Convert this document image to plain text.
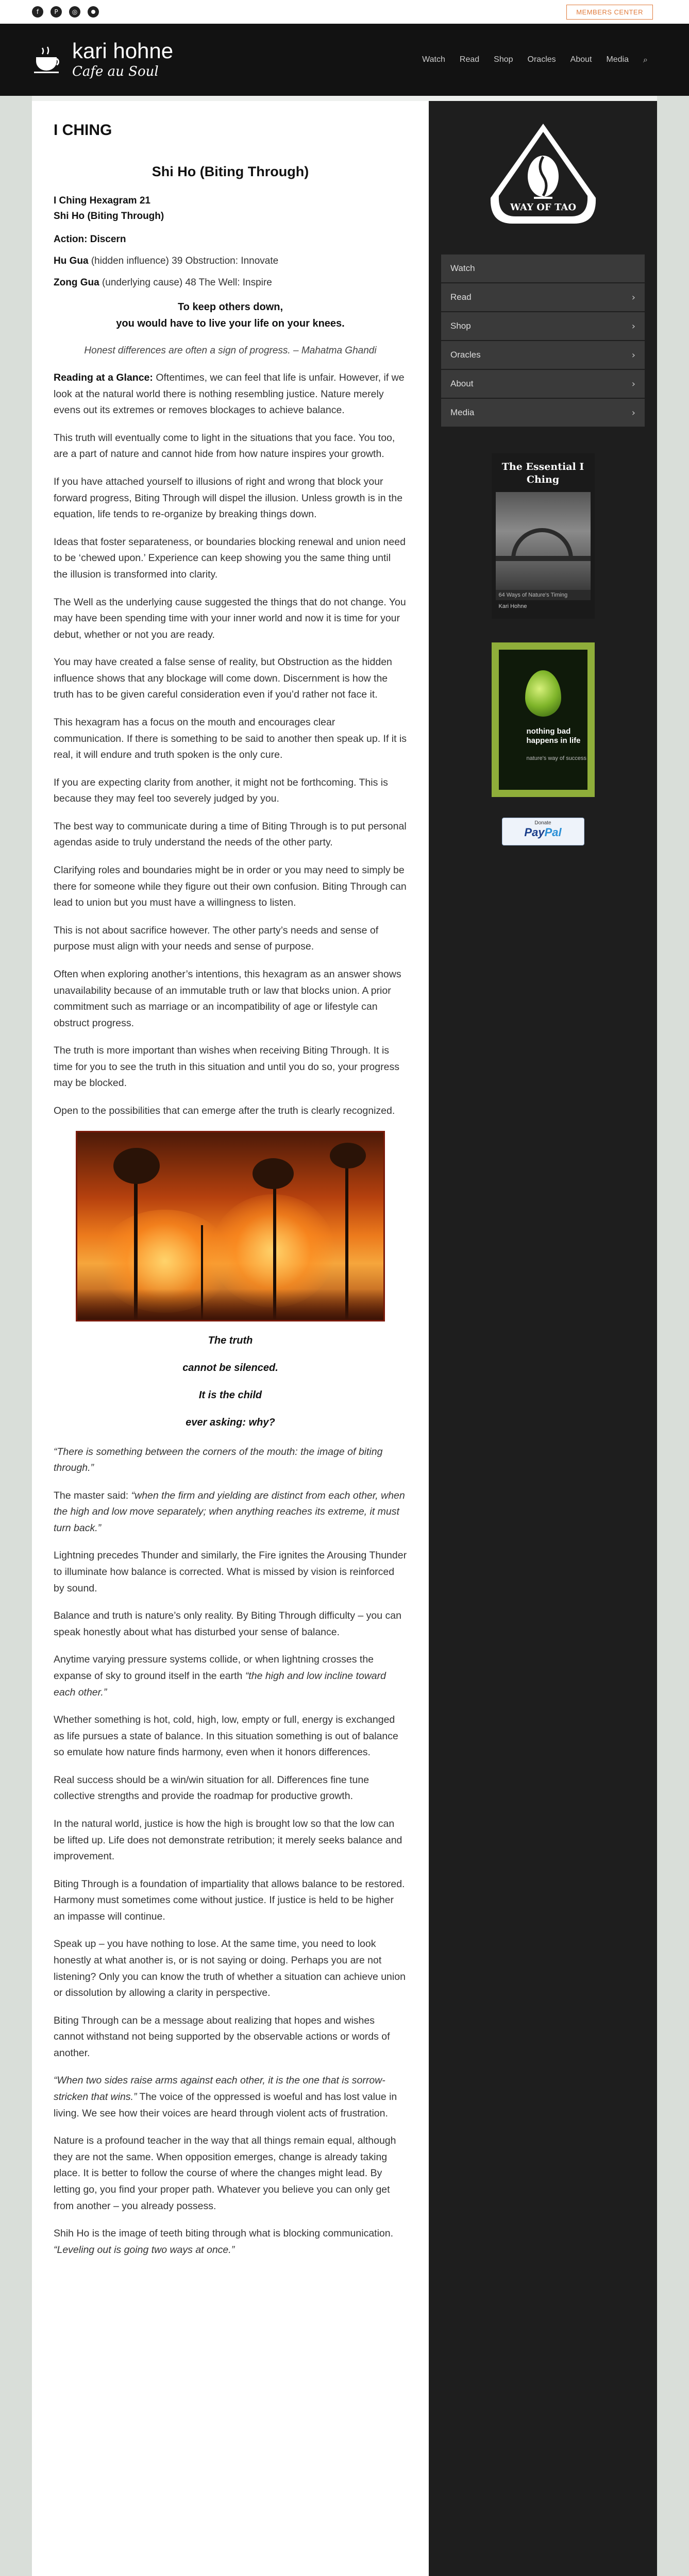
f	P	◎	MEMBERS CENTER
kari hohne
Cafe au Soul
Watch Read Shop Oracles About Media ⌕
I CHING
Shi Ho (Biting Through)
I Ching Hexagram 21
Shi Ho (Biting Through)
Action: Discern
Hu Gua (hidden influence) 39 Obstruction: Innovate
Zong Gua (underlying cause) 48 The Well: Inspire
To keep others down,
you would have to live your life on your knees.
Honest differences are often a sign of progress. – Mahatma Ghandi

Reading at a Glance: Oftentimes, we can feel that life is unfair. However, if we look at the natural world there is nothing resembling justice. Nature merely evens out its extremes or removes blockages to achieve balance.

This truth will eventually come to light in the situations that you face. You too, are a part of nature and cannot hide from how nature inspires your growth.

If you have attached yourself to illusions of right and wrong that block your forward progress, Biting Through will dispel the illusion. Unless growth is in the equation, life tends to re-organize by breaking things down.

Ideas that foster separateness, or boundaries blocking renewal and union need to be ‘chewed upon.’ Experience can keep showing you the same thing until the illusion is transformed into clarity.

The Well as the underlying cause suggested the things that do not change. You may have been spending time with your inner world and now it is time for your debut, whether or not you are ready.

You may have created a false sense of reality, but Obstruction as the hidden influence shows that any blockage will come down. Discernment is how the truth has to be given careful consideration even if you’d rather not face it.

This hexagram has a focus on the mouth and encourages clear communication. If there is something to be said to another then speak up. If it is real, it will endure and truth spoken is the only cure.

If you are expecting clarity from another, it might not be forthcoming. This is because they may feel too severely judged by you.

The best way to communicate during a time of Biting Through is to put personal agendas aside to truly understand the needs of the other party.

Clarifying roles and boundaries might be in order or you may need to simply be there for someone while they figure out their own confusion. Biting Through can lead to union but you must have a willingness to listen.

This is not about sacrifice however. The other party’s needs and sense of purpose must align with your needs and sense of purpose.

Often when exploring another’s intentions, this hexagram as an answer shows unavailability because of an immutable truth or law that blocks union. A prior commitment such as marriage or an incompatibility of age or lifestyle can obstruct progress.

The truth is more important than wishes when receiving Biting Through. It is time for you to see the truth in this situation and until you do so, your progress may be blocked.

Open to the possibilities that can emerge after the truth is clearly recognized.

The truth
cannot be silenced.
It is the child
ever asking: why?

“There is something between the corners of the mouth: the image of biting through.”

The master said: “when the firm and yielding are distinct from each other, when the high and low move separately; when anything reaches its extreme, it must turn back.”

Lightning precedes Thunder and similarly, the Fire ignites the Arousing Thunder to illuminate how balance is corrected. What is missed by vision is reinforced by sound.

Balance and truth is nature’s only reality. By Biting Through difficulty – you can speak honestly about what has disturbed your sense of balance.

Anytime varying pressure systems collide, or when lightning crosses the expanse of sky to ground itself in the earth “the high and low incline toward each other.”

Whether something is hot, cold, high, low, empty or full, energy is exchanged as life pursues a state of balance. In this situation something is out of balance so emulate how nature finds harmony, even when it honors differences.

Real success should be a win/win situation for all. Differences fine tune collective strengths and provide the roadmap for productive growth.

In the natural world, justice is how the high is brought low so that the low can be lifted up. Life does not demonstrate retribution; it merely seeks balance and improvement.

Biting Through is a foundation of impartiality that allows balance to be restored. Harmony must sometimes come without justice. If justice is held to be higher an impasse will continue.

Speak up – you have nothing to lose. At the same time, you need to look honestly at what another is, or is not saying or doing. Perhaps you are not listening? Only you can know the truth of whether a situation can achieve union or dissolution by allowing a clarity in perspective.

Biting Through can be a message about realizing that hopes and wishes cannot withstand not being supported by the observable actions or words of another.

“When two sides raise arms against each other, it is the one that is sorrow-stricken that wins.” The voice of the oppressed is woeful and has lost value in living. We see how their voices are heard through violent acts of frustration.

Nature is a profound teacher in the way that all things remain equal, although they are not the same. When opposition emerges, change is already taking place. It is better to follow the course of where the changes might lead. By letting go, you find your proper path. Whatever you believe you can only get from another – you already possess.

Shih Ho is the image of teeth biting through what is blocking communication. “Leveling out is going two ways at once.”

WAY OF TAO
Watch
Read	›
Shop	›
Oracles	›
About	›
Media	›
The Essential I Ching
64 Ways of Nature's Timing
Kari Hohne
nothing bad happens in life
nature's way of success
Donate
PayPal
